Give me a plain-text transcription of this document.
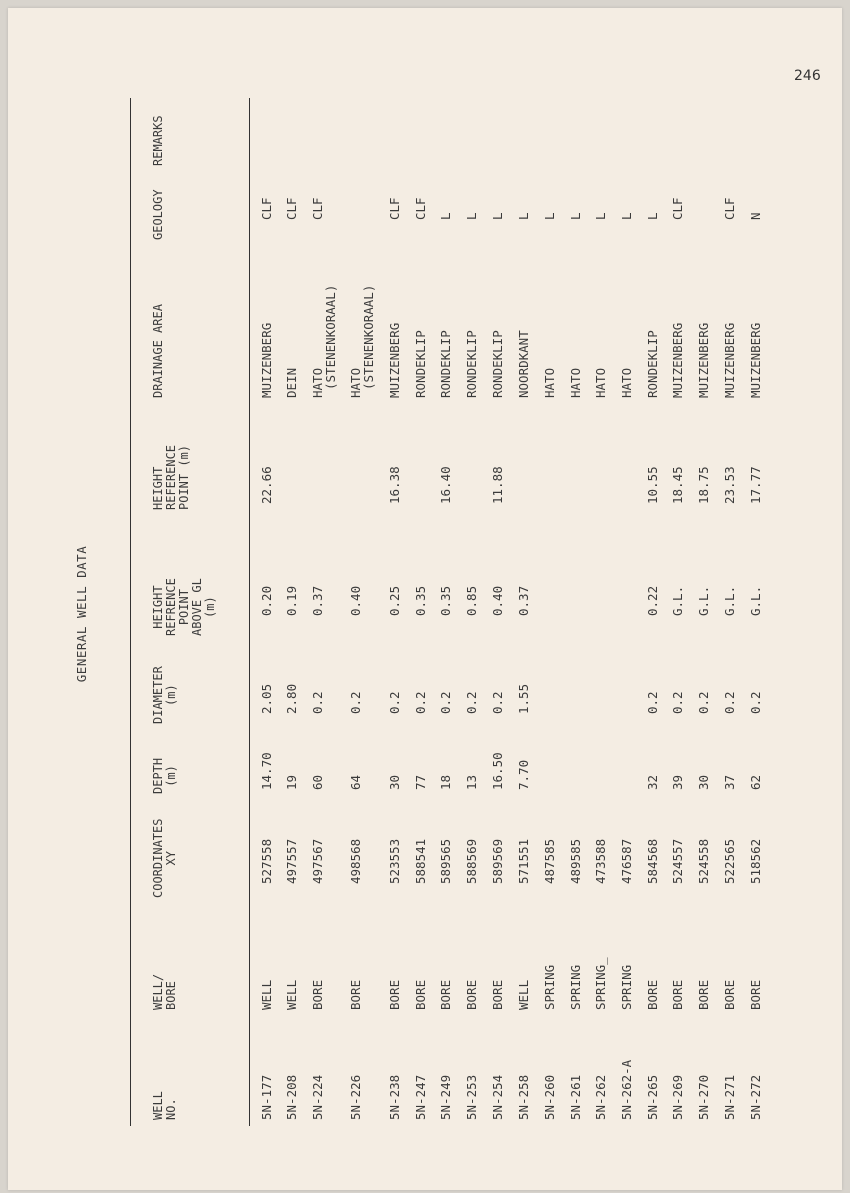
246
GENERAL WELL DATA
WELL NO.
WELL/ BORE
COORDINATES XY
DEPTH (m)
DIAMETER (m)
HEIGHT REFRENCE POINT ABOVE GL (m)
HEIGHT REFERENCE POINT (m)
DRAINAGE AREA
GEOLOGY
REMARKS
5N-177
WELL
527558
14.70
2.05
0.20
22.66
MUIZENBERG
CLF
5N-208
WELL
497557
19
2.80
0.19
DEIN
CLF
5N-224
BORE
497567
60
0.2
0.37
HATO
CLF
(STENENKORAAL)
5N-226
BORE
498568
64
0.2
0.40
HATO
(STENENKORAAL)
5N-238
BORE
523553
30
0.2
0.25
16.38
MUIZENBERG
CLF
5N-247
BORE
588541
77
0.2
0.35
RONDEKLIP
CLF
5N-249
BORE
589565
18
0.2
0.35
16.40
RONDEKLIP
L
5N-253
BORE
588569
13
0.2
0.85
RONDEKLIP
L
5N-254
BORE
589569
16.50
0.2
0.40
11.88
RONDEKLIP
L
5N-258
WELL
571551
7.70
1.55
0.37
NOORDKANT
L
5N-260
SPRING
487585
HATO
L
5N-261
SPRING
489585
HATO
L
5N-262
SPRING_
473588
HATO
L
5N-262-A
SPRING
476587
HATO
L
5N-265
BORE
584568
32
0.2
0.22
10.55
RONDEKLIP
L
5N-269
BORE
524557
39
0.2
G.L.
18.45
MUIZENBERG
CLF
5N-270
BORE
524558
30
0.2
G.L.
18.75
MUIZENBERG
5N-271
BORE
522565
37
0.2
G.L.
23.53
MUIZENBERG
CLF
5N-272
BORE
518562
62
0.2
G.L.
17.77
MUIZENBERG
N
